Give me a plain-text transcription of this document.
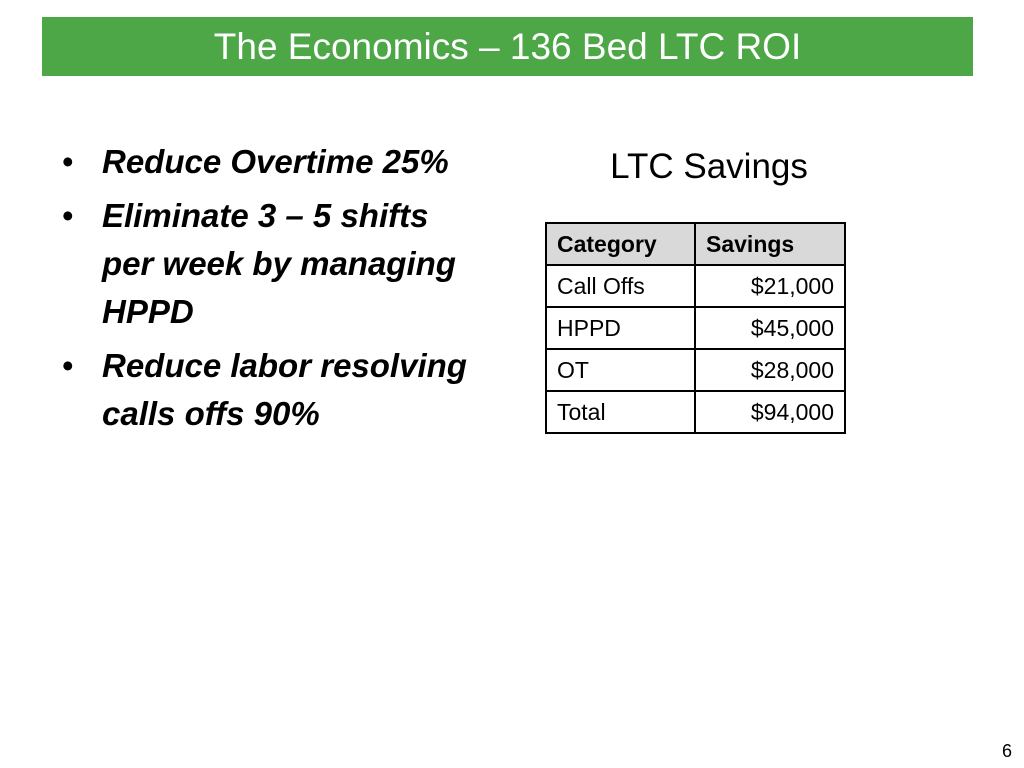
The Economics – 136 Bed LTC ROI
• Reduce Overtime 25%
• Eliminate 3 – 5 shifts per week by managing HPPD
• Reduce labor resolving calls offs 90%
LTC Savings
Category	Savings
Call Offs	$21,000
HPPD	$45,000
OT	$28,000
Total	$94,000
6
